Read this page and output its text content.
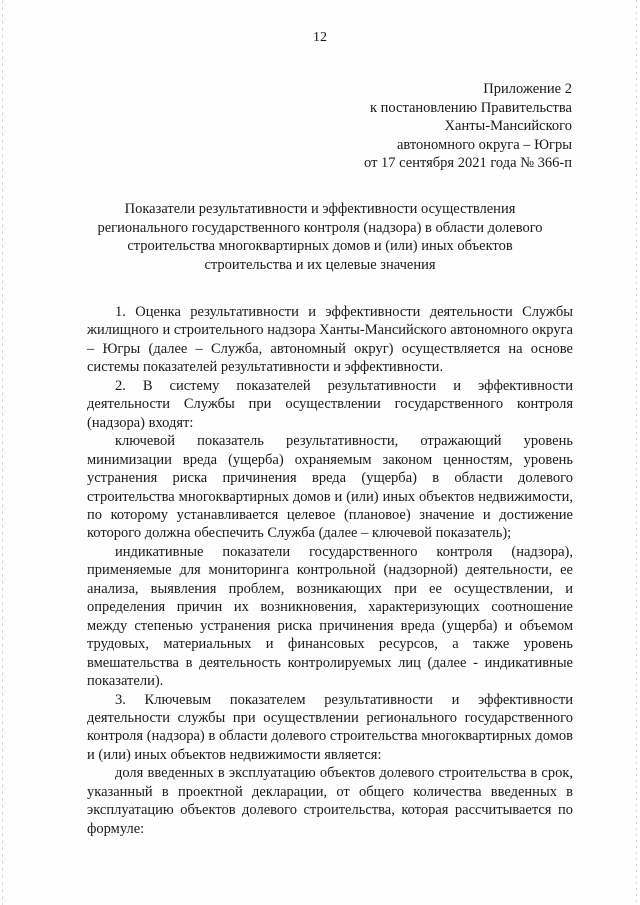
12
Приложение 2
к постановлению Правительства
Ханты-Мансийского
автономного округа – Югры
от 17 сентября 2021 года № 366-п
Показатели результативности и эффективности осуществления
регионального государственного контроля (надзора) в области долевого
строительства многоквартирных домов и (или) иных объектов
строительства и их целевые значения

1. Оценка результативности и эффективности деятельности Службы жилищного и строительного надзора Ханты-Мансийского автономного округа – Югры (далее – Служба, автономный округ) осуществляется на основе системы показателей результативности и эффективности.

2. В систему показателей результативности и эффективности деятельности Службы при осуществлении государственного контроля (надзора) входят:

ключевой показатель результативности, отражающий уровень минимизации вреда (ущерба) охраняемым законом ценностям, уровень устранения риска причинения вреда (ущерба) в области долевого строительства многоквартирных домов и (или) иных объектов недвижимости, по которому устанавливается целевое (плановое) значение и достижение которого должна обеспечить Служба (далее – ключевой показатель);

индикативные показатели государственного контроля (надзора), применяемые для мониторинга контрольной (надзорной) деятельности, ее анализа, выявления проблем, возникающих при ее осуществлении, и определения причин их возникновения, характеризующих соотношение между степенью устранения риска причинения вреда (ущерба) и объемом трудовых, материальных и финансовых ресурсов, а также уровень вмешательства в деятельность контролируемых лиц (далее - индикативные показатели).

3. Ключевым показателем результативности и эффективности деятельности службы при осуществлении регионального государственного контроля (надзора) в области долевого строительства многоквартирных домов и (или) иных объектов недвижимости является:

доля введенных в эксплуатацию объектов долевого строительства в срок, указанный в проектной декларации, от общего количества введенных в эксплуатацию объектов долевого строительства, которая рассчитывается по формуле:
